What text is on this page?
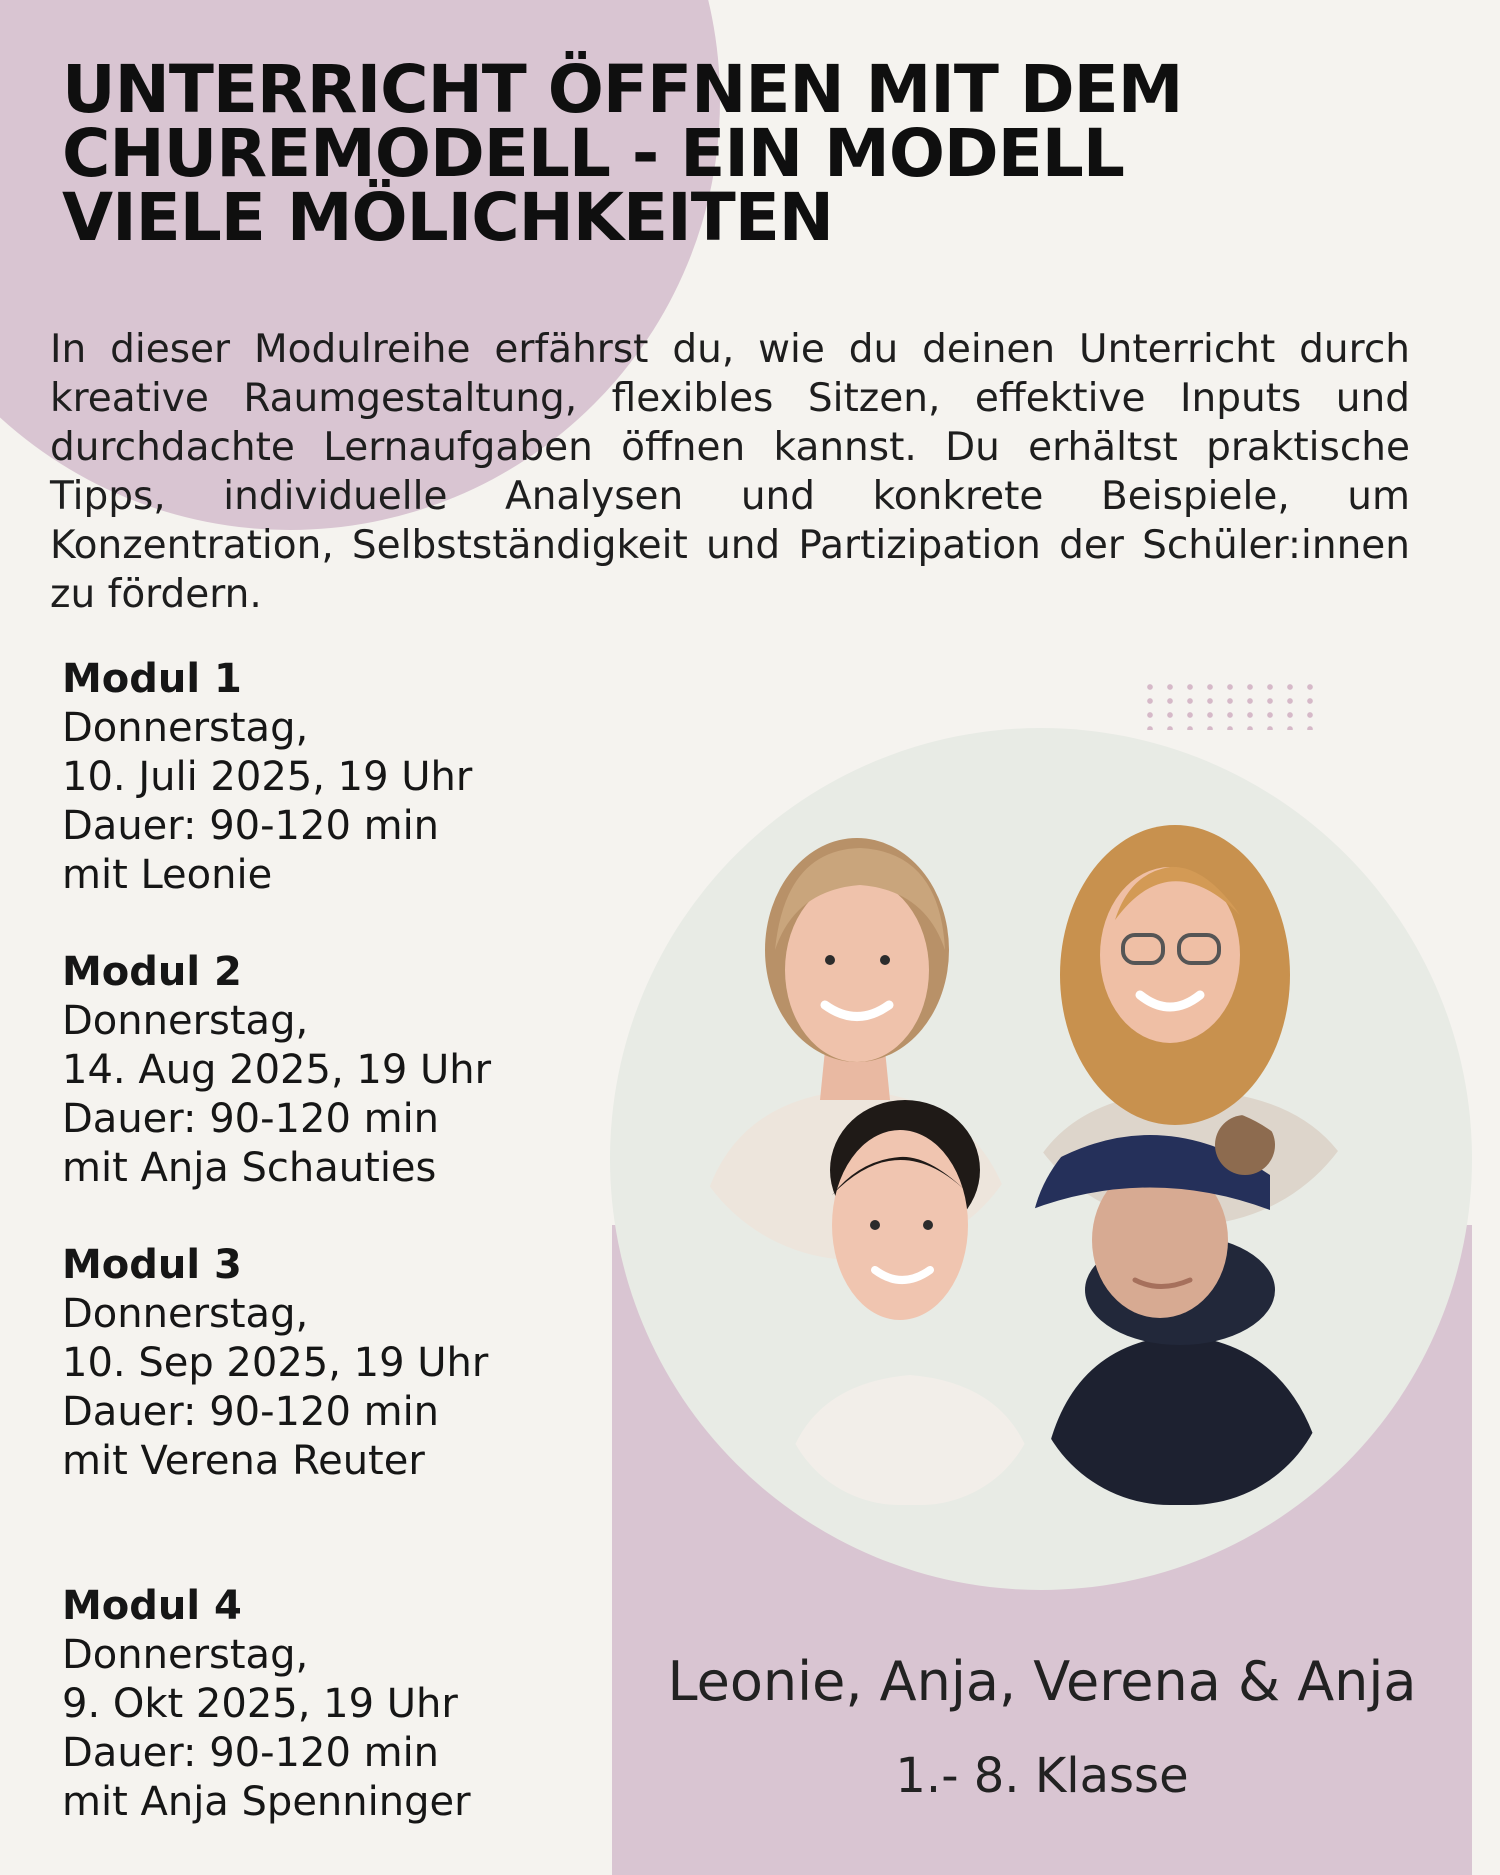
UNTERRICHT ÖFFNEN MIT DEM
CHUREMODELL - EIN MODELL
VIELE MÖLICHKEITEN

In dieser Modulreihe erfährst du, wie du deinen Unterricht durch kreative Raumgestaltung, flexibles Sitzen, effektive Inputs und durchdachte Lernaufgaben öffnen kannst. Du erhältst praktische Tipps, individuelle Analysen und konkrete Beispiele, um Konzentration, Selbstständigkeit und Partizipation der Schüler:innen zu fördern.

Modul 1
Donnerstag,
10. Juli 2025, 19 Uhr
Dauer: 90-120 min
mit Leonie
Modul 2
Donnerstag,
14. Aug 2025, 19 Uhr
Dauer: 90-120 min
mit Anja Schauties
Modul 3
Donnerstag,
10. Sep 2025, 19 Uhr
Dauer: 90-120 min
mit Verena Reuter
Modul 4
Donnerstag,
9. Okt 2025, 19 Uhr
Dauer: 90-120 min
mit Anja Spenninger
Leonie, Anja, Verena & Anja
1.- 8. Klasse
